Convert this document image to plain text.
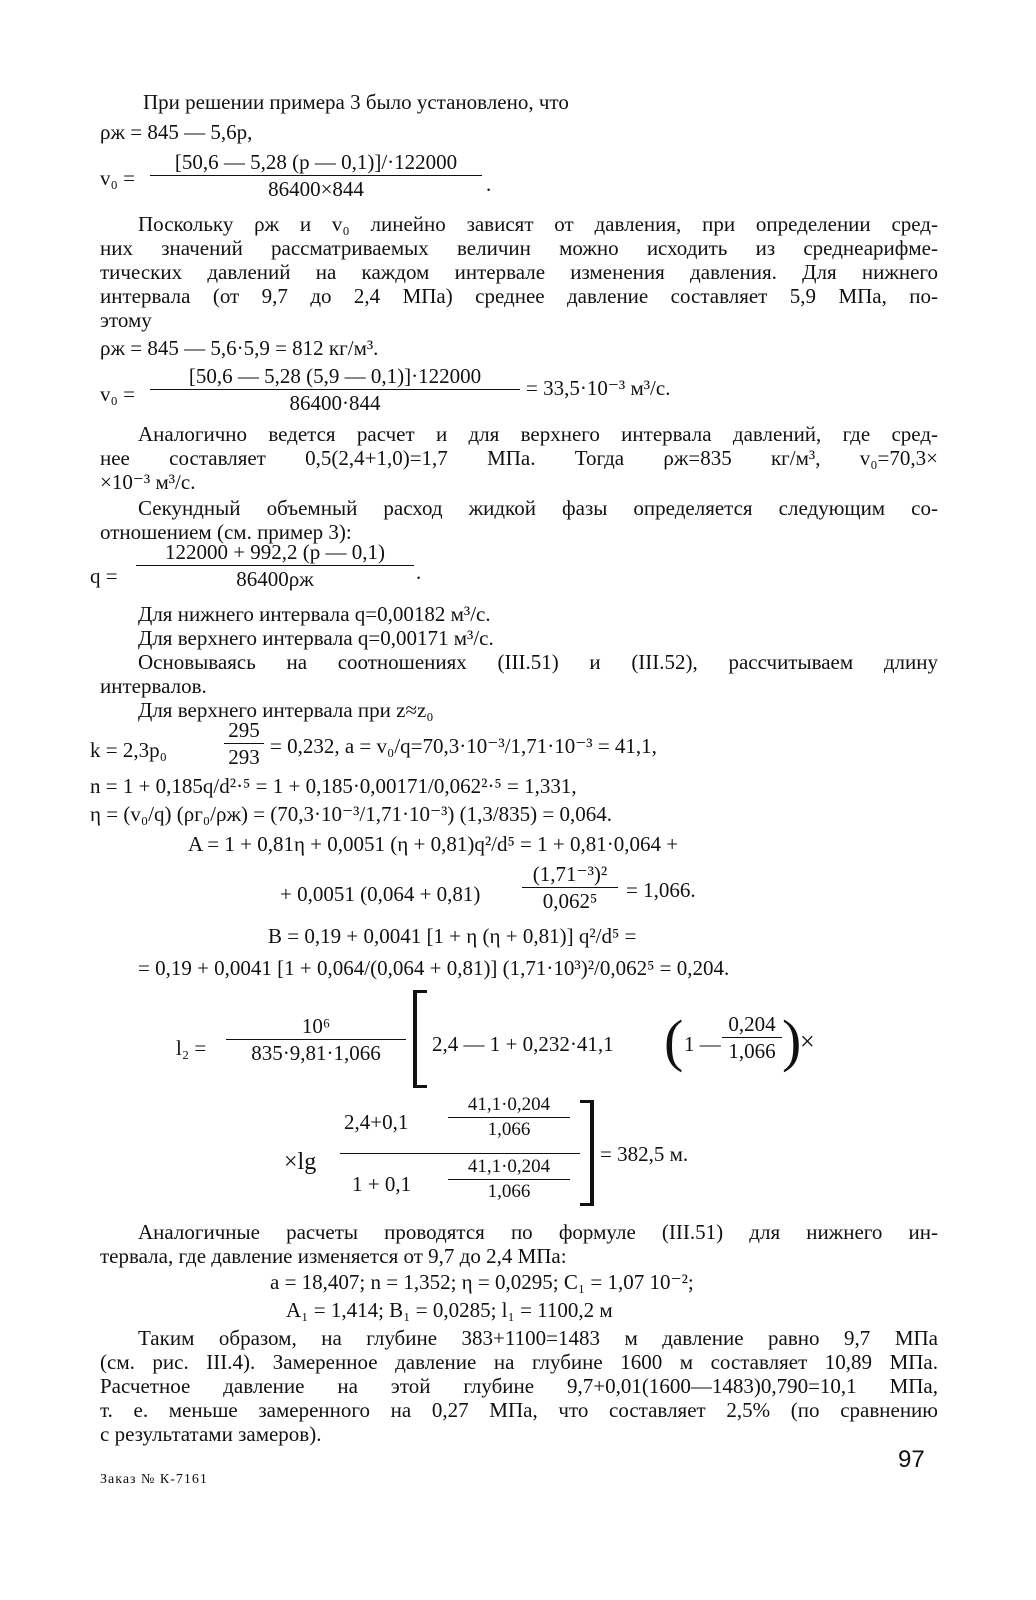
При решении примера 3 было установлено, что
ρж = 845 — 5,6p,
$v_0 = \frac{[50,6 — 5,28 (p — 0,1)]/\cdot 122000}{86400\times 844}$ .
Поскольку ρж и v₀ линейно зависят от давления, при определении сред-
них значений рассматриваемых величин можно исходить из среднеарифме-
тических давлений на каждом интервале изменения давления. Для нижнего
интервала (от 9,7 до 2,4 МПа) среднее давление составляет 5,9 МПа, по-
этому
ρж = 845 — 5,6·5,9 = 812 кг/м³.
$v_0 = \frac{[50,6 — 5,28 (5,9 — 0,1)]\cdot 122000}{86400\cdot 844} = 33,5\cdot 10^{-3}$ м³/с.
Аналогично ведется расчет и для верхнего интервала давлений, где сред-
нее составляет 0,5(2,4+1,0)=1,7 МПа. Тогда ρж=835 кг/м³, v₀=70,3×
×10⁻³ м³/с.
Секундный объемный расход жидкой фазы определяется следующим со-
отношением (см. пример 3):
q =
122000 + 992,2 (p — 0,1)
86400ρж	.
Для нижнего интервала q=0,00182 м³/с.
Для верхнего интервала q=0,00171 м³/с.
Основываясь на соотношениях (III.51) и (III.52), рассчитываем длину
интервалов.
Для верхнего интервала при z≈z₀
k = 2,3p₀	$\frac{295}{293} = 0,232$, a = v₀/q=70,3·10⁻³/1,71·10⁻³ = 41,1,
n = 1 + 0,185q/d²·⁵ = 1 + 0,185·0,00171/0,062²·⁵ = 1,331,
η = (v₀/q) (ρг₀/ρж) = (70,3·10⁻³/1,71·10⁻³) (1,3/835) = 0,064.
A = 1 + 0,81η + 0,0051 (η + 0,81)q²/d⁵ = 1 + 0,81·0,064 +
+ 0,0051 $(0,064 + 0,81) \frac{\text{(1,71⁻³)²}}{\text{0,062⁵}} = 1,066$.
B = 0,19 + 0,0041 [1 + η (η + 0,81)] q²/d⁵ =
= 0,19 + 0,0041 [1 + 0,064/(0,064 + 0,81)] (1,71·10³)²/0,062⁵ = 0,204.
$l_2 = \frac{\text{10⁶}}{835\cdot 9,81\cdot 1,066} 2,4$ — 1 + 0,232·41,1 ( 1 — $\frac{0,204}{1,066}$ )
×
×lg
$2,4+0,1 \frac{41,1\cdot 0,204}{1,066}$
$1 + 0,1 \frac{41,1\cdot 0,204}{1,066}$
= 382,5 м.
Аналогичные расчеты проводятся по формуле (III.51) для нижнего ин-
тервала, где давление изменяется от 9,7 до 2,4 МПа:
a = 18,407; n = 1,352; η = 0,0295; C₁ = 1,07 10⁻²;
A₁ = 1,414; B₁ = 0,0285; l₁ = 1100,2 м
Таким образом, на глубине 383+1100=1483 м давление равно 9,7 МПа
(см. рис. III.4). Замеренное давление на глубине 1600 м составляет 10,89 МПа.
Расчетное давление на этой глубине 9,7+0,01(1600—1483)0,790=10,1 МПа,
т. е. меньше замеренного на 0,27 МПа, что составляет 2,5% (по сравнению
с результатами замеров).
97
Заказ № К-7161
